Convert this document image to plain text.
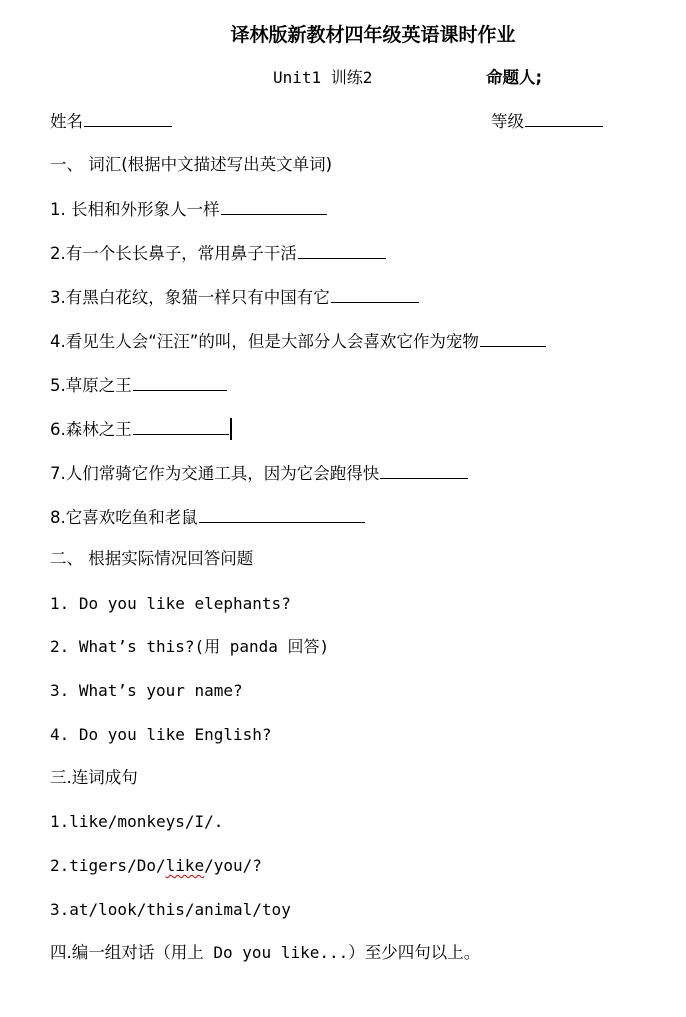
译林版新教材四年级英语课时作业
Unit1 训练2	命题人;
姓名	等级
一、 词汇(根据中文描述写出英文单词)
1. 长相和外形象人一样
2.有一个长长鼻子，常用鼻子干活
3.有黑白花纹，象猫一样只有中国有它
4.看见生人会“汪汪”的叫，但是大部分人会喜欢它作为宠物
5.草原之王
6.森林之王
7.人们常骑它作为交通工具，因为它会跑得快
8.它喜欢吃鱼和老鼠
二、 根据实际情况回答问题
1. Do you like elephants?
2. What’s this?(用 panda 回答)
3. What’s your name?
4. Do you like English?
三.连词成句
1.like/monkeys/I/.
2.tigers/Do/like/you/?
3.at/look/this/animal/toy
四.编一组对话（用上 Do you like...）至少四句以上。
